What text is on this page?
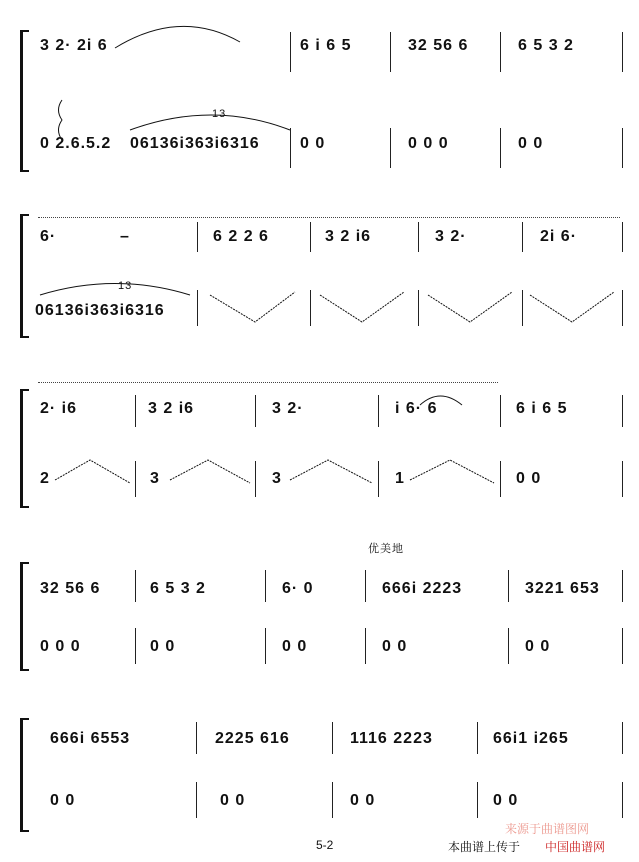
3 2· 2i 6	6 i 6 5	32 56 6	6 5 3 2
0 2.6.5.2 06136i363i6316	0 0	0 0 0	0 0
13
6·	–	6 2 2 6	3 2 i6	3 2·	2i 6·
06136i363i6316
13
2· i6	3 2 i6	3 2·	i 6· 6	6 i 6 5
2	3	3	1	0 0
优美地
32 56 6	6 5 3 2	6· 0	666i 2223	3221 653
0 0 0	0 0	0 0	0 0	0 0
666i 6553	2225 616	1116 2223	66i1 i265
0 0	0 0	0 0	0 0
5-2	本曲谱上传于 中国曲谱网
来源于曲谱图网
